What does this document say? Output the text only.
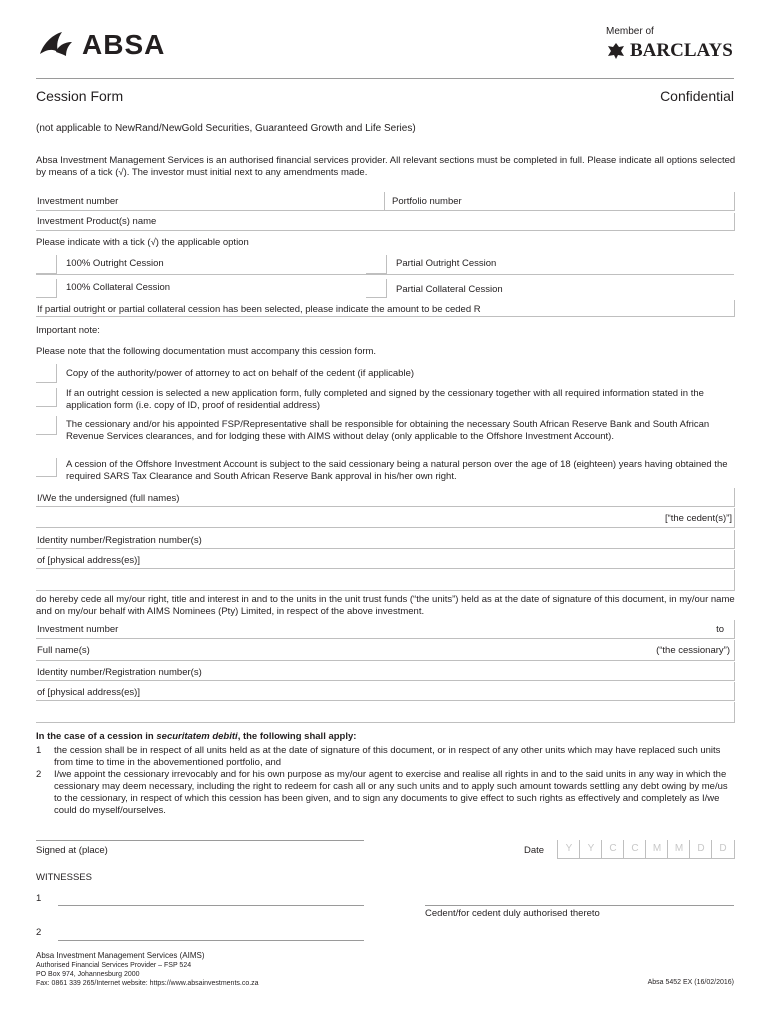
ABSA	Member of
BARCLAYS
Cession Form	Confidential
(not applicable to NewRand/NewGold Securities, Guaranteed Growth and Life Series)
Absa Investment Management Services is an authorised financial services provider. All relevant sections must be completed in full. Please indicate all options selected by means of a tick (√). The investor must initial next to any amendments made.
Investment number	Portfolio number
Investment Product(s) name
Please indicate with a tick (√) the applicable option
100% Outright Cession	Partial Outright Cession
100% Collateral Cession	Partial Collateral Cession
If partial outright or partial collateral cession has been selected, please indicate the amount to be ceded R
Important note:
Please note that the following documentation must accompany this cession form.
Copy of the authority/power of attorney to act on behalf of the cedent (if applicable)
If an outright cession is selected a new application form, fully completed and signed by the cessionary together with all required information stated in the application form (i.e. copy of ID, proof of residential address)
The cessionary and/or his appointed FSP/Representative shall be responsible for obtaining the necessary South African Reserve Bank and South African Revenue Services clearances, and for lodging these with AIMS without delay (only applicable to the Offshore Investment Account).
A cession of the Offshore Investment Account is subject to the said cessionary being a natural person over the age of 18 (eighteen) years having obtained the required SARS Tax Clearance and South African Reserve Bank approval in his/her own right.
I/We the undersigned (full names)
[“the cedent(s)”]
Identity number/Registration number(s)
of [physical address(es)]
do hereby cede all my/our right, title and interest in and to the units in the unit trust funds (“the units”) held as at the date of signature of this document, in my/our name and on my/our behalf with AIMS Nominees (Pty) Limited, in respect of the above investment.
Investment number	to
Full name(s)	(“the cessionary”)
Identity number/Registration number(s)
of [physical address(es)]
In the case of a cession in securitatem debiti, the following shall apply:
1 the cession shall be in respect of all units held as at the date of signature of this document, or in respect of any other units which may have replaced such units from time to time in the abovementioned portfolio, and
2 I/we appoint the cessionary irrevocably and for his own purpose as my/our agent to exercise and realise all rights in and to the said units in any way in which the cessionary may deem necessary, including the right to redeem for cash all or any such units and to apply such amount towards settling any debt owing by me/us to the cessionary, in respect of which this cession has been given, and to sign any documents to give effect to such rights as effectively and completely as I/we could do myself/ourselves.
Signed at (place)	Date	Y	Y	C	C	M	M	D	D
WITNESSES
1
Cedent/for cedent duly authorised thereto
2
Absa Investment Management Services (AIMS)
Authorised Financial Services Provider – FSP 524
PO Box 974, Johannesburg 2000
Fax: 0861 339 265/Internet website: https://www.absainvestments.co.za	Absa 5452 EX (16/02/2016)
